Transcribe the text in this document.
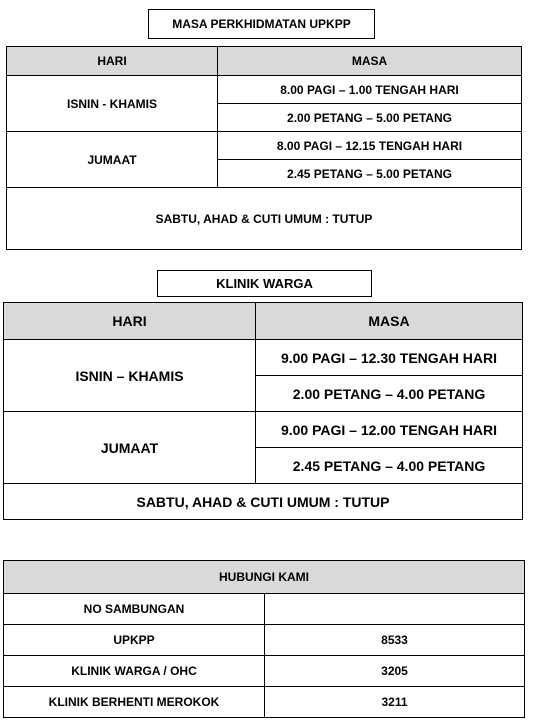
MASA PERKHIDMATAN UPKPP
HARI	MASA
ISNIN - KHAMIS	8.00 PAGI – 1.00 TENGAH HARI
	2.00 PETANG – 5.00 PETANG
JUMAAT	8.00 PAGI – 12.15 TENGAH HARI
	2.45 PETANG – 5.00 PETANG
SABTU, AHAD & CUTI UMUM : TUTUP	
KLINIK WARGA
HARI	MASA
ISNIN – KHAMIS	9.00 PAGI – 12.30 TENGAH HARI
	2.00 PETANG – 4.00 PETANG
JUMAAT	9.00 PAGI – 12.00 TENGAH HARI
	2.45 PETANG – 4.00 PETANG
SABTU, AHAD & CUTI UMUM : TUTUP	
HUBUNGI KAMI	
NO SAMBUNGAN	
UPKPP	8533
KLINIK WARGA / OHC	3205
KLINIK BERHENTI MEROKOK	3211
